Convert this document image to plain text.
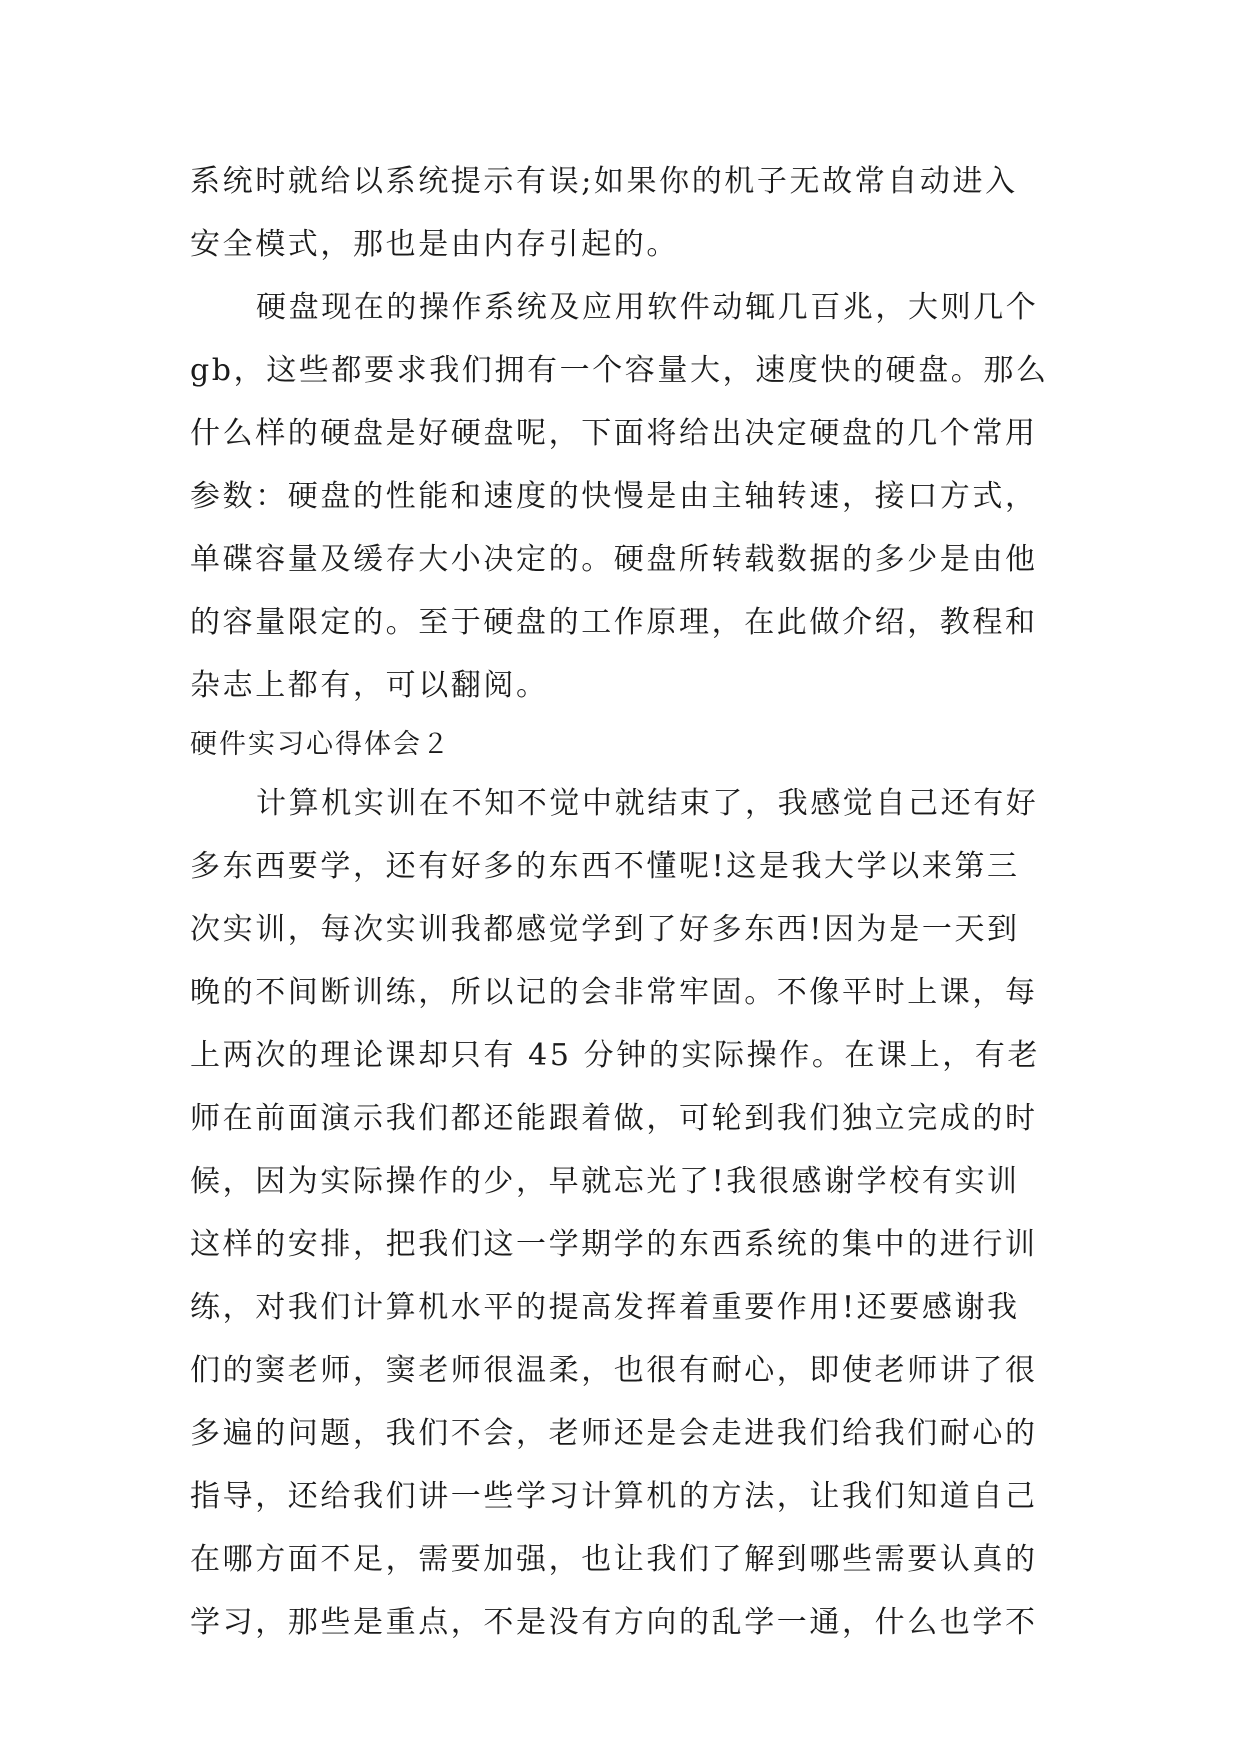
系统时就给以系统提示有误;如果你的机子无故常自动进入
安全模式，那也是由内存引起的。
硬盘现在的操作系统及应用软件动辄几百兆，大则几个
gb，这些都要求我们拥有一个容量大，速度快的硬盘。那么
什么样的硬盘是好硬盘呢，下面将给出决定硬盘的几个常用
参数：硬盘的性能和速度的快慢是由主轴转速，接口方式，
单碟容量及缓存大小决定的。硬盘所转载数据的多少是由他
的容量限定的。至于硬盘的工作原理，在此做介绍，教程和
杂志上都有，可以翻阅。
硬件实习心得体会２
计算机实训在不知不觉中就结束了，我感觉自己还有好
多东西要学，还有好多的东西不懂呢!这是我大学以来第三
次实训，每次实训我都感觉学到了好多东西!因为是一天到
晚的不间断训练，所以记的会非常牢固。不像平时上课，每
上两次的理论课却只有 45 分钟的实际操作。在课上，有老
师在前面演示我们都还能跟着做，可轮到我们独立完成的时
候，因为实际操作的少，早就忘光了!我很感谢学校有实训
这样的安排，把我们这一学期学的东西系统的集中的进行训
练，对我们计算机水平的提高发挥着重要作用!还要感谢我
们的窦老师，窦老师很温柔，也很有耐心，即使老师讲了很
多遍的问题，我们不会，老师还是会走进我们给我们耐心的
指导，还给我们讲一些学习计算机的方法，让我们知道自己
在哪方面不足，需要加强，也让我们了解到哪些需要认真的
学习，那些是重点，不是没有方向的乱学一通，什么也学不
